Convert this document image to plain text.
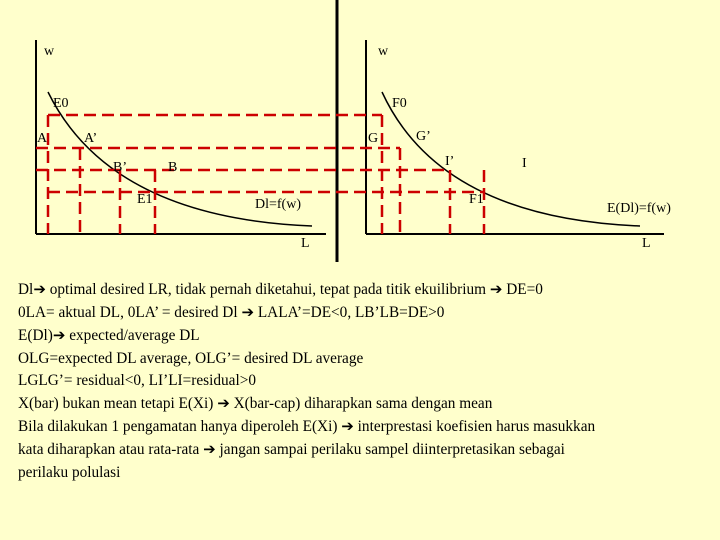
w
L
Dl=f(w)
E0
A	A’
B’	B
E1
w
L
E(Dl)=f(w)
F0
G	G’
I’	I
F1
Dl➔ optimal desired LR, tidak pernah diketahui, tepat pada titik ekuilibrium ➔ DE=0
0LA= aktual DL, 0LA’ = desired Dl ➔ LALA’=DE<0, LB’LB=DE>0
E(Dl)➔ expected/average DL
OLG=expected DL average, OLG’= desired DL average
LGLG’= residual<0, LI’LI=residual>0
X(bar) bukan mean tetapi E(Xi) ➔ X(bar-cap) diharapkan sama dengan mean
Bila dilakukan 1 pengamatan hanya diperoleh E(Xi) ➔ interprestasi koefisien harus masukkan
kata diharapkan atau rata-rata ➔ jangan sampai perilaku sampel diinterpretasikan sebagai
perilaku polulasi
